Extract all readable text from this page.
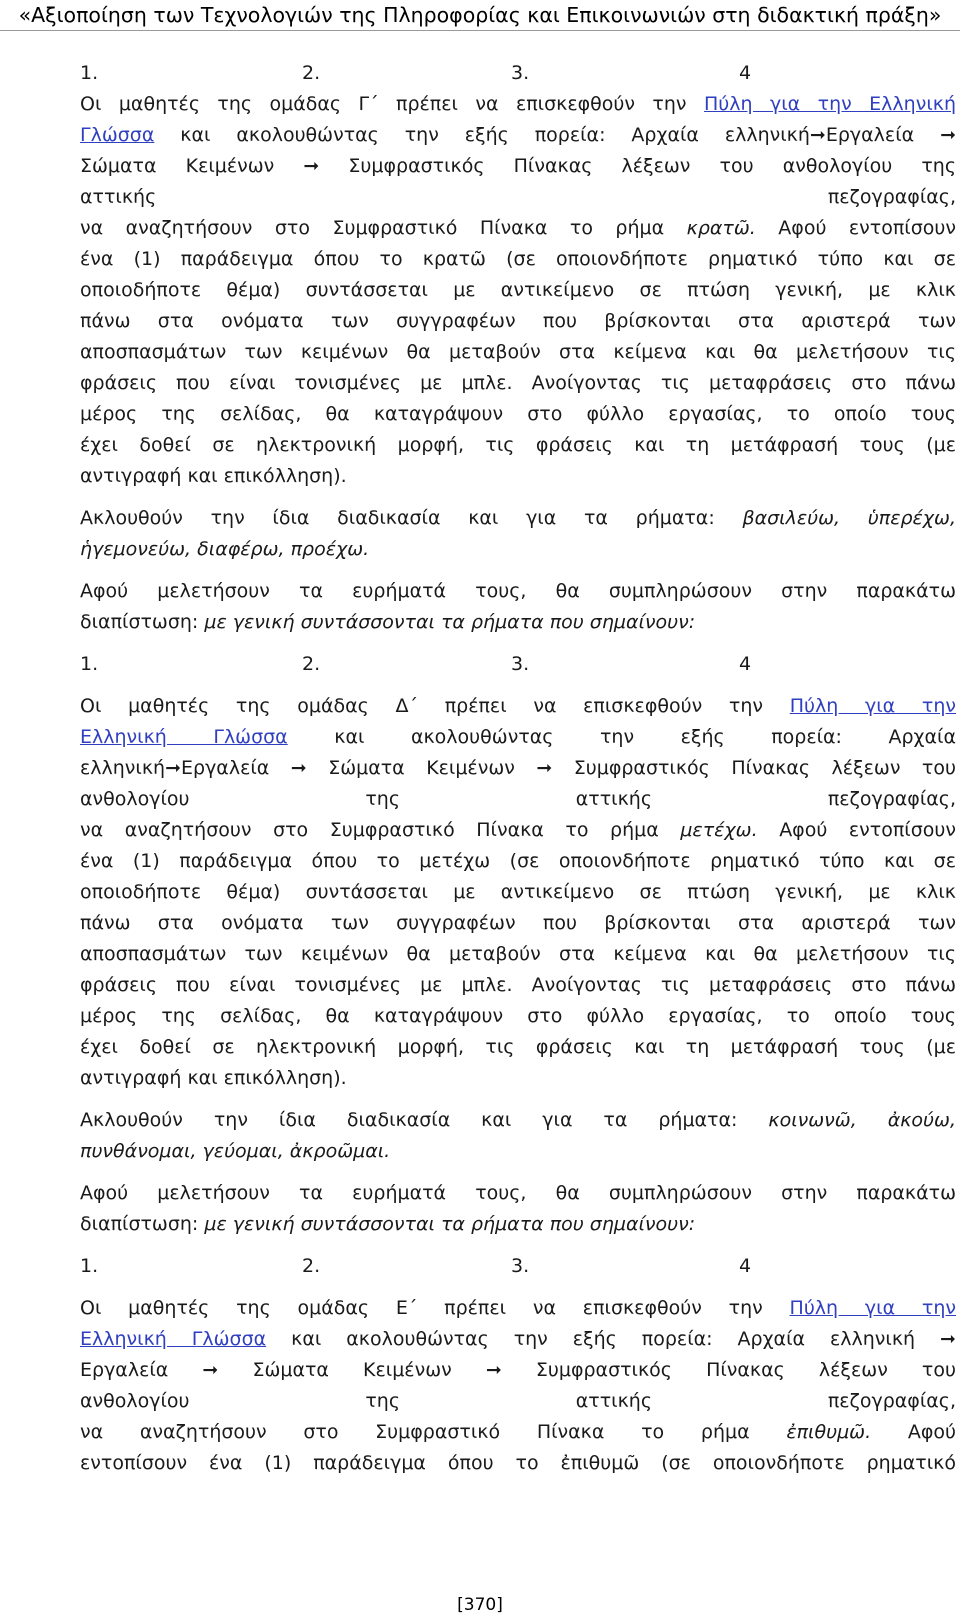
«Αξιοποίηση των Τεχνολογιών της Πληροφορίας και Επικοινωνιών στη διδακτική πράξη»
1.	2.	3.	4
Οι μαθητές της ομάδας Γ΄ πρέπει να επισκεφθούν την Πύλη για την Ελληνική
Γλώσσα και ακολουθώντας την εξής πορεία: Αρχαία ελληνική➞Εργαλεία ➞
Σώματα Κειμένων ➞ Συμφραστικός Πίνακας λέξεων του ανθολογίου της
αττικής	πεζογραφίας,
να αναζητήσουν στο Συμφραστικό Πίνακα το ρήμα κρατῶ. Αφού εντοπίσουν
ένα (1) παράδειγμα όπου το κρατῶ (σε οποιονδήποτε ρηματικό τύπο και σε
οποιοδήποτε θέμα) συντάσσεται με αντικείμενο σε πτώση γενική, με κλικ
πάνω στα ονόματα των συγγραφέων που βρίσκονται στα αριστερά των
αποσπασμάτων των κειμένων θα μεταβούν στα κείμενα και θα μελετήσουν τις
φράσεις που είναι τονισμένες με μπλε. Ανοίγοντας τις μεταφράσεις στο πάνω
μέρος της σελίδας, θα καταγράψουν στο φύλλο εργασίας, το οποίο τους
έχει δοθεί σε ηλεκτρονική μορφή, τις φράσεις και τη μετάφρασή τους (με
αντιγραφή και επικόλληση).
Ακλουθούν την ίδια διαδικασία και για τα ρήματα: βασιλεύω, ὑπερέχω,
ἡγεμονεύω, διαφέρω, προέχω.
Αφού μελετήσουν τα ευρήματά τους, θα συμπληρώσουν στην παρακάτω
διαπίστωση: με γενική συντάσσονται τα ρήματα που σημαίνουν:
1.	2.	3.	4
Οι μαθητές της ομάδας Δ΄ πρέπει να επισκεφθούν την Πύλη για την
Ελληνική Γλώσσα και ακολουθώντας την εξής πορεία: Αρχαία
ελληνική➞Εργαλεία ➞ Σώματα Κειμένων ➞ Συμφραστικός Πίνακας λέξεων του
ανθολογίου	της	αττικής	πεζογραφίας,
να αναζητήσουν στο Συμφραστικό Πίνακα το ρήμα μετέχω. Αφού εντοπίσουν
ένα (1) παράδειγμα όπου το μετέχω (σε οποιονδήποτε ρηματικό τύπο και σε
οποιοδήποτε θέμα) συντάσσεται με αντικείμενο σε πτώση γενική, με κλικ
πάνω στα ονόματα των συγγραφέων που βρίσκονται στα αριστερά των
αποσπασμάτων των κειμένων θα μεταβούν στα κείμενα και θα μελετήσουν τις
φράσεις που είναι τονισμένες με μπλε. Ανοίγοντας τις μεταφράσεις στο πάνω
μέρος της σελίδας, θα καταγράψουν στο φύλλο εργασίας, το οποίο τους
έχει δοθεί σε ηλεκτρονική μορφή, τις φράσεις και τη μετάφρασή τους (με
αντιγραφή και επικόλληση).
Ακλουθούν την ίδια διαδικασία και για τα ρήματα: κοινωνῶ, ἀκούω,
πυνθάνομαι, γεύομαι, ἀκροῶμαι.
Αφού μελετήσουν τα ευρήματά τους, θα συμπληρώσουν στην παρακάτω
διαπίστωση: με γενική συντάσσονται τα ρήματα που σημαίνουν:
1.	2.	3.	4
Οι μαθητές της ομάδας Ε΄ πρέπει να επισκεφθούν την Πύλη για την
Ελληνική Γλώσσα και ακολουθώντας την εξής πορεία: Αρχαία ελληνική ➞
Εργαλεία ➞ Σώματα Κειμένων ➞ Συμφραστικός Πίνακας λέξεων του
ανθολογίου	της	αττικής	πεζογραφίας,
να αναζητήσουν στο Συμφραστικό Πίνακα το ρήμα ἐπιθυμῶ. Αφού
εντοπίσουν ένα (1) παράδειγμα όπου το ἐπιθυμῶ (σε οποιονδήποτε ρηματικό
[370]
